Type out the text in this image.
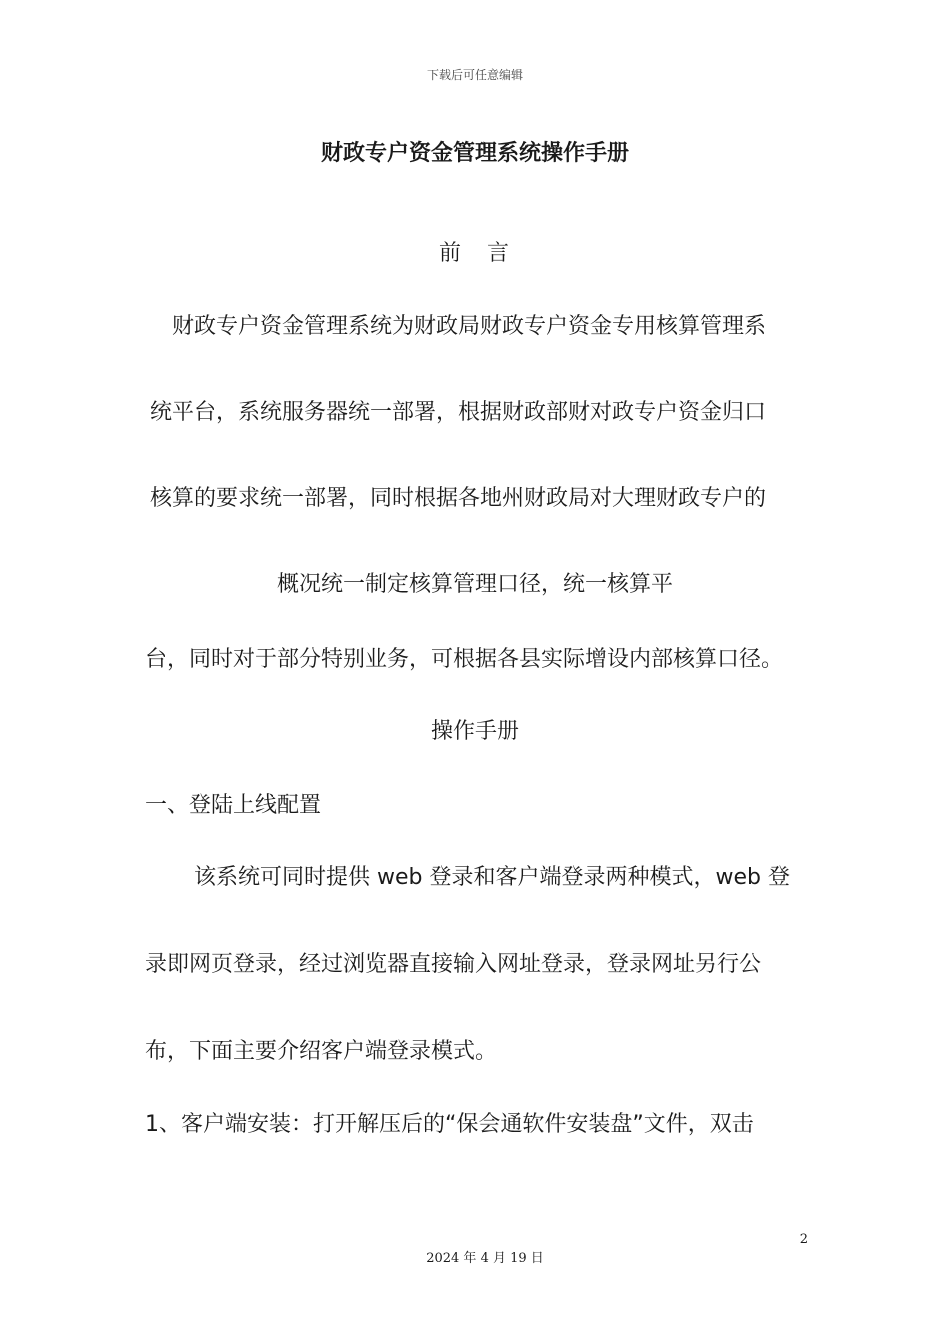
下载后可任意编辑
财政专户资金管理系统操作手册
前　言
财政专户资金管理系统为财政局财政专户资金专用核算管理系
统平台，系统服务器统一部署，根据财政部财对政专户资金归口
核算的要求统一部署，同时根据各地州财政局对大理财政专户的
概况统一制定核算管理口径，统一核算平
台，同时对于部分特别业务，可根据各县实际增设内部核算口径。
操作手册
一、登陆上线配置
该系统可同时提供 web 登录和客户端登录两种模式，web 登
录即网页登录，经过浏览器直接输入网址登录，登录网址另行公
布，下面主要介绍客户端登录模式。
1、客户端安装：打开解压后的“保会通软件安装盘”文件，双击
2
2024 年 4 月 19 日
